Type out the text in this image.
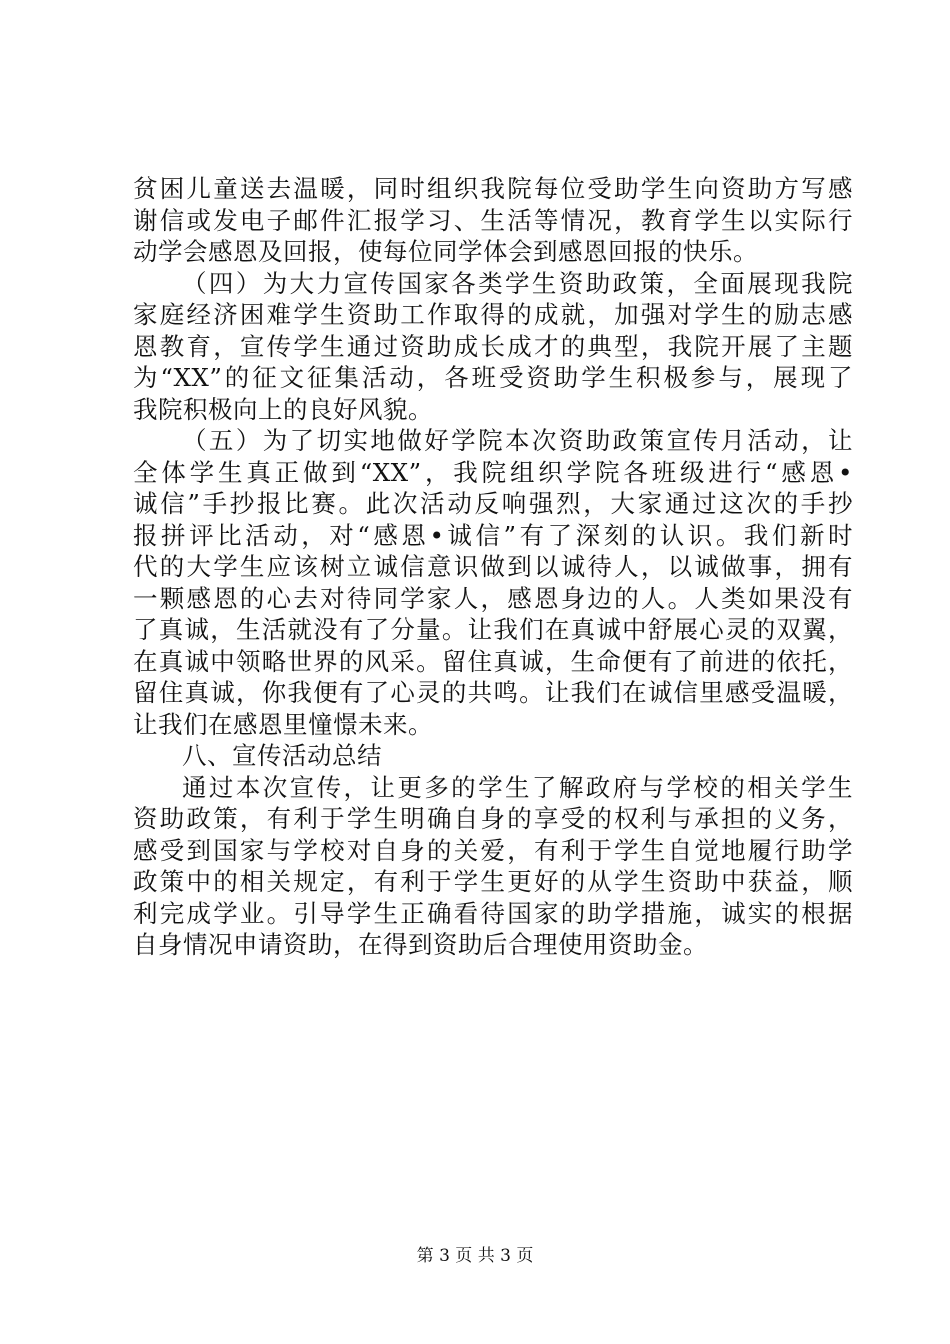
贫困儿童送去温暖，同时组织我院每位受助学生向资助方写感
谢信或发电子邮件汇报学习、生活等情况，教育学生以实际行
动学会感恩及回报，使每位同学体会到感恩回报的快乐。
（四）为大力宣传国家各类学生资助政策，全面展现我院
家庭经济困难学生资助工作取得的成就，加强对学生的励志感
恩教育，宣传学生通过资助成长成才的典型，我院开展了主题
为“XX”的征文征集活动，各班受资助学生积极参与，展现了
我院积极向上的良好风貌。
（五）为了切实地做好学院本次资助政策宣传月活动，让
全体学生真正做到“XX”，我院组织学院各班级进行“感恩•
诚信”手抄报比赛。此次活动反响强烈，大家通过这次的手抄
报拼评比活动，对“感恩•诚信”有了深刻的认识。我们新时
代的大学生应该树立诚信意识做到以诚待人，以诚做事，拥有
一颗感恩的心去对待同学家人，感恩身边的人。人类如果没有
了真诚，生活就没有了分量。让我们在真诚中舒展心灵的双翼，
在真诚中领略世界的风采。留住真诚，生命便有了前进的依托，
留住真诚，你我便有了心灵的共鸣。让我们在诚信里感受温暖，
让我们在感恩里憧憬未来。
八、宣传活动总结
通过本次宣传，让更多的学生了解政府与学校的相关学生
资助政策，有利于学生明确自身的享受的权利与承担的义务，
感受到国家与学校对自身的关爱，有利于学生自觉地履行助学
政策中的相关规定，有利于学生更好的从学生资助中获益，顺
利完成学业。引导学生正确看待国家的助学措施，诚实的根据
自身情况申请资助，在得到资助后合理使用资助金。
第 3 页 共 3 页
